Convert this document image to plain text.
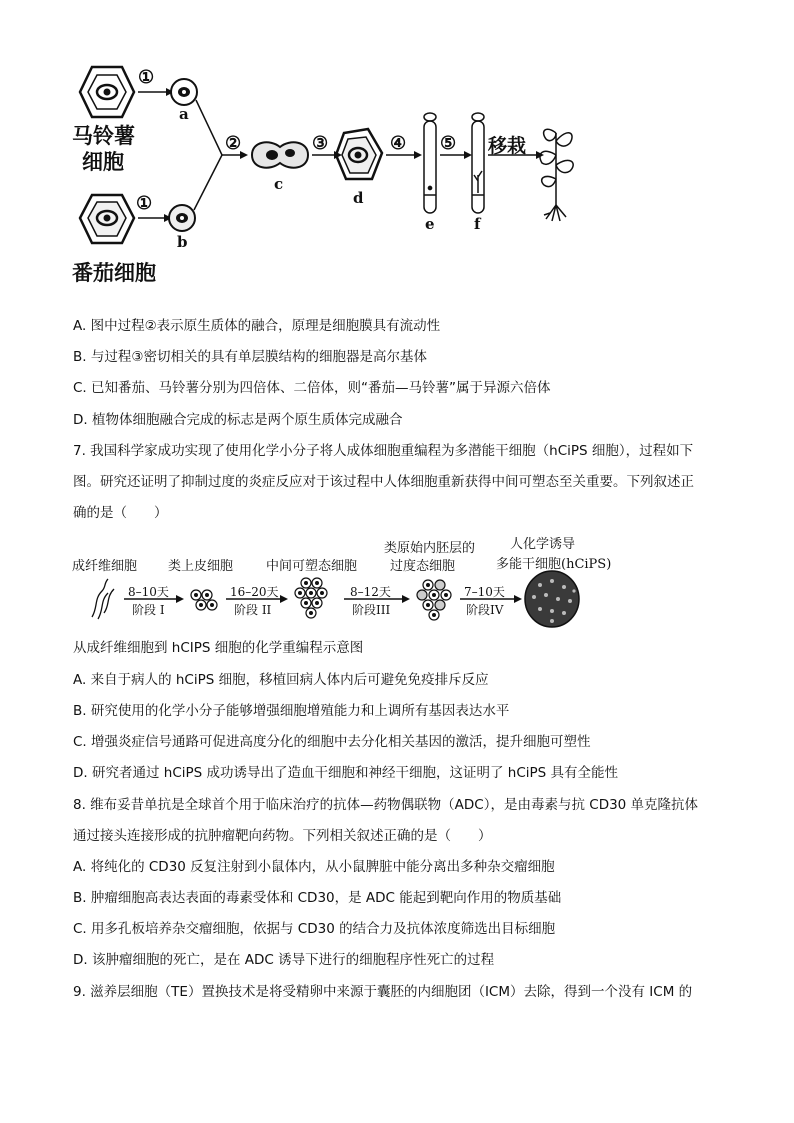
马铃薯
细胞
番茄细胞
①
①
②	③	④ ⑤ 移栽
a
b
c
d
e	f
A. 图中过程②表示原生质体的融合，原理是细胞膜具有流动性
B. 与过程③密切相关的具有单层膜结构的细胞器是高尔基体
C. 已知番茄、马铃薯分别为四倍体、二倍体，则“番茄—马铃薯”属于异源六倍体
D. 植物体细胞融合完成的标志是两个原生质体完成融合
7. 我国科学家成功实现了使用化学小分子将人成体细胞重编程为多潜能干细胞（hCiPS 细胞），过程如下
图。研究还证明了抑制过度的炎症反应对于该过程中人体细胞重新获得中间可塑态至关重要。下列叙述正
确的是（　　）
成纤维细胞 类上皮细胞	中间可塑态细胞
类原始内胚层的
过度态细胞
人化学诱导
多能干细胞(hCiPS)
8–10天
阶段 I
16–20天
阶段 II
8–12天
阶段III
7–10天
阶段IV
从成纤维细胞到 hCIPS 细胞的化学重编程示意图
A. 来自于病人的 hCiPS 细胞，移植回病人体内后可避免免疫排斥反应
B. 研究使用的化学小分子能够增强细胞增殖能力和上调所有基因表达水平
C. 增强炎症信号通路可促进高度分化的细胞中去分化相关基因的激活，提升细胞可塑性
D. 研究者通过 hCiPS 成功诱导出了造血干细胞和神经干细胞，这证明了 hCiPS 具有全能性
8. 维布妥昔单抗是全球首个用于临床治疗的抗体—药物偶联物（ADC），是由毒素与抗 CD30 单克隆抗体
通过接头连接形成的抗肿瘤靶向药物。下列相关叙述正确的是（　　）
A. 将纯化的 CD30 反复注射到小鼠体内，从小鼠脾脏中能分离出多种杂交瘤细胞
B. 肿瘤细胞高表达表面的毒素受体和 CD30，是 ADC 能起到靶向作用的物质基础
C. 用多孔板培养杂交瘤细胞，依据与 CD30 的结合力及抗体浓度筛选出目标细胞
D. 该肿瘤细胞的死亡，是在 ADC 诱导下进行的细胞程序性死亡的过程
9. 滋养层细胞（TE）置换技术是将受精卵中来源于囊胚的内细胞团（ICM）去除，得到一个没有 ICM 的
